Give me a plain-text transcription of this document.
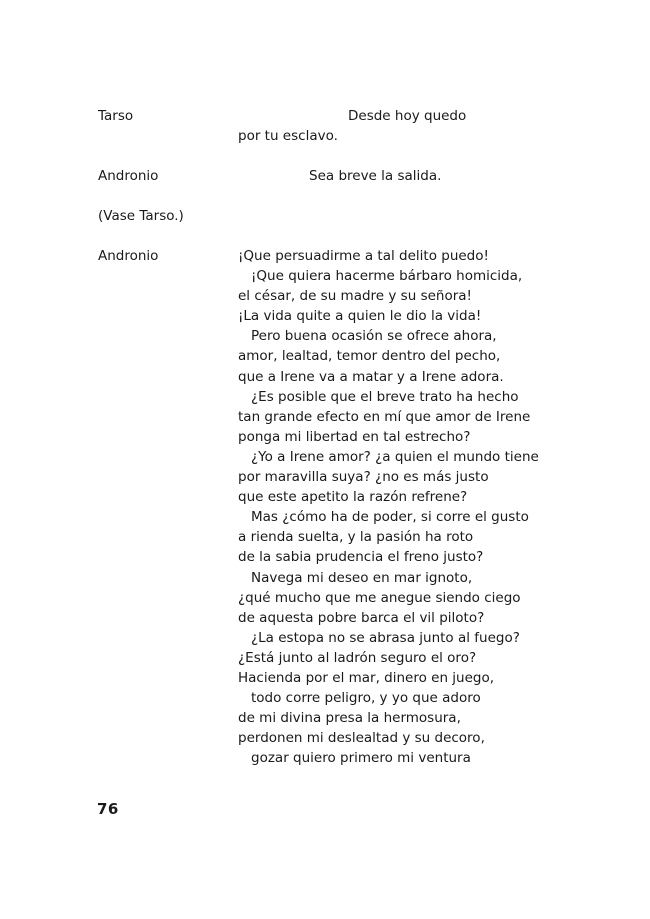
Tarso	Desde hoy quedo
por tu esclavo.
Andronio	Sea breve la salida.
(Vase Tarso.)
Andronio	¡Que persuadirme a tal delito puedo!
¡Que quiera hacerme bárbaro homicida,
el césar, de su madre y su señora!
¡La vida quite a quien le dio la vida!
Pero buena ocasión se ofrece ahora,
amor, lealtad, temor dentro del pecho,
que a Irene va a matar y a Irene adora.
¿Es posible que el breve trato ha hecho
tan grande efecto en mí que amor de Irene
ponga mi libertad en tal estrecho?
¿Yo a Irene amor? ¿a quien el mundo tiene
por maravilla suya? ¿no es más justo
que este apetito la razón refrene?
Mas ¿cómo ha de poder, si corre el gusto
a rienda suelta, y la pasión ha roto
de la sabia prudencia el freno justo?
Navega mi deseo en mar ignoto,
¿qué mucho que me anegue siendo ciego
de aquesta pobre barca el vil piloto?
¿La estopa no se abrasa junto al fuego?
¿Está junto al ladrón seguro el oro?
Hacienda por el mar, dinero en juego,
todo corre peligro, y yo que adoro
de mi divina presa la hermosura,
perdonen mi deslealtad y su decoro,
gozar quiero primero mi ventura
76
